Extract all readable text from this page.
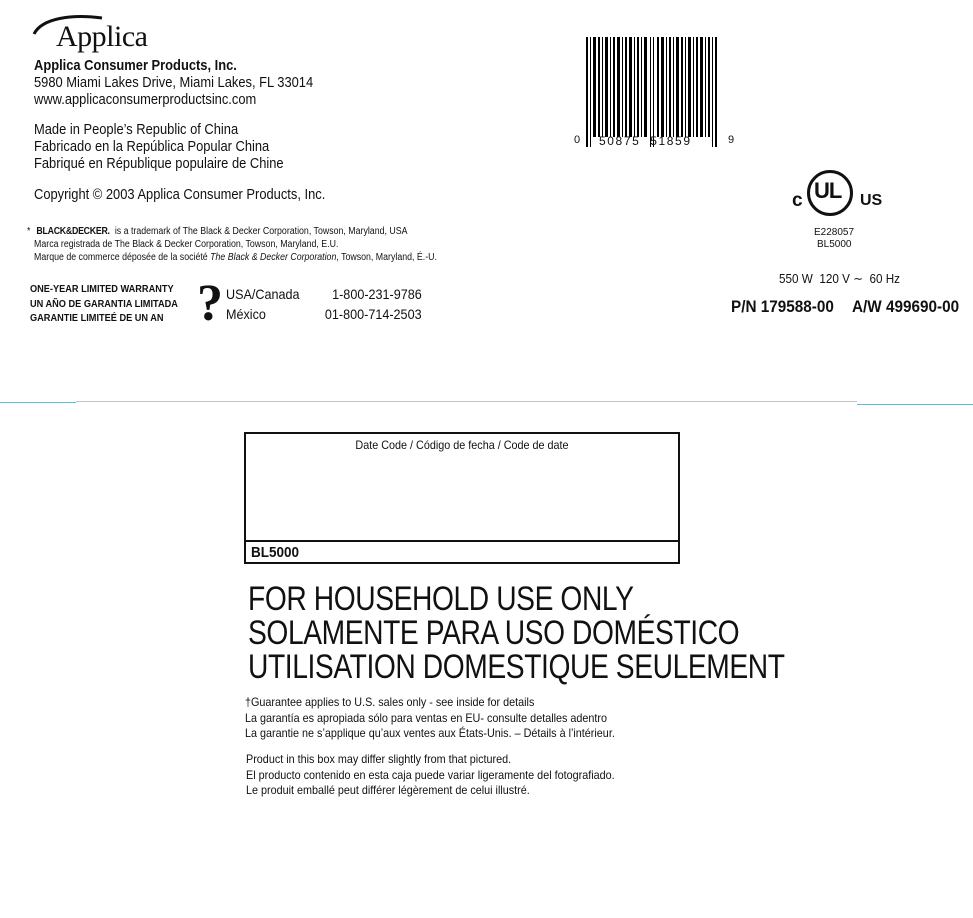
Applica
Applica Consumer Products, Inc.
5980 Miami Lakes Drive, Miami Lakes, FL 33014
www.applicaconsumerproductsinc.com
Made in People’s Republic of China
Fabricado en la República Popular China
Fabriqué en République populaire de Chine
Copyright © 2003 Applica Consumer Products, Inc.
* BLACK&DECKER. is a trademark of The Black & Decker Corporation, Towson, Maryland, USA
Marca registrada de The Black & Decker Corporation, Towson, Maryland, E.U.
Marque de commerce déposée de la société The Black & Decker Corporation, Towson, Maryland, É.-U.
ONE-YEAR LIMITED WARRANTY
UN AÑO DE GARANTIA LIMITADA
GARANTIE LIMITEÉ DE UN AN ? USA/Canada 1-800-231-9786
México	01-800-714-2503
0 50875  51859	9
c UL US
E228057
BL5000
550 W  120 V ∼  60 Hz
P/N 179588-00 A/W 499690-00
Date Code / Código de fecha / Code de date
BL5000
FOR HOUSEHOLD USE ONLY
SOLAMENTE PARA USO DOMÉSTICO
UTILISATION DOMESTIQUE SEULEMENT
†Guarantee applies to U.S. sales only - see inside for details
La garantía es apropiada sólo para ventas en EU- consulte detalles adentro
La garantie ne s’applique qu’aux ventes aux États-Unis. – Détails à l’intérieur.
Product in this box may differ slightly from that pictured.
El producto contenido en esta caja puede variar ligeramente del fotografiado.
Le produit emballé peut différer légèrement de celui illustré.
